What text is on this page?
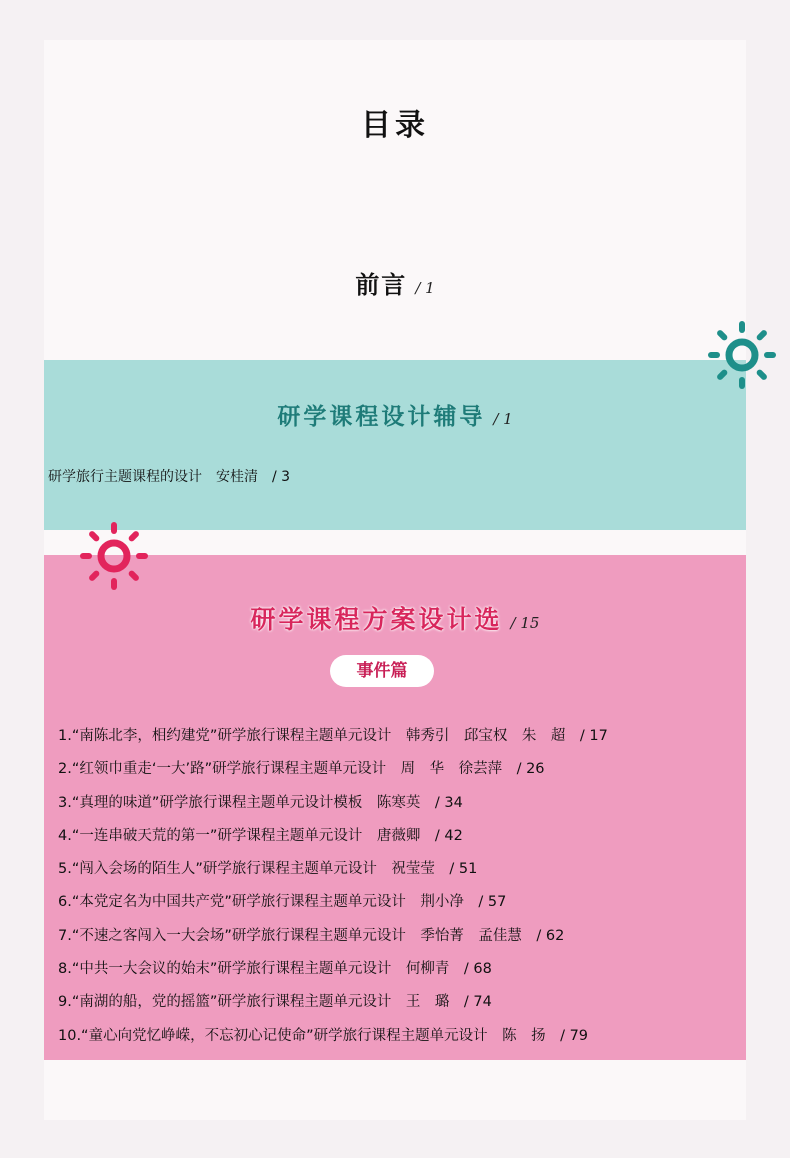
目录
前言 / 1
研学课程设计辅导 / 1
研学旅行主题课程的设计　安桂清　/ 3
研学课程方案设计选 / 15
事件篇
1.“南陈北李，相约建党”研学旅行课程主题单元设计　韩秀引　邱宝权　朱　超　/ 17
2.“红领巾重走‘一大’路”研学旅行课程主题单元设计　周　华　徐芸萍　/ 26
3.“真理的味道”研学旅行课程主题单元设计模板　陈寒英　/ 34
4.“一连串破天荒的第一”研学课程主题单元设计　唐薇卿　/ 42
5.“闯入会场的陌生人”研学旅行课程主题单元设计　祝莹莹　/ 51
6.“本党定名为中国共产党”研学旅行课程主题单元设计　荆小净　/ 57
7.“不速之客闯入一大会场”研学旅行课程主题单元设计　季怡菁　孟佳慧　/ 62
8.“中共一大会议的始末”研学旅行课程主题单元设计　何柳青　/ 68
9.“南湖的船，党的摇篮”研学旅行课程主题单元设计　王　璐　/ 74
10.“童心向党忆峥嵘，不忘初心记使命”研学旅行课程主题单元设计　陈　扬　/ 79
